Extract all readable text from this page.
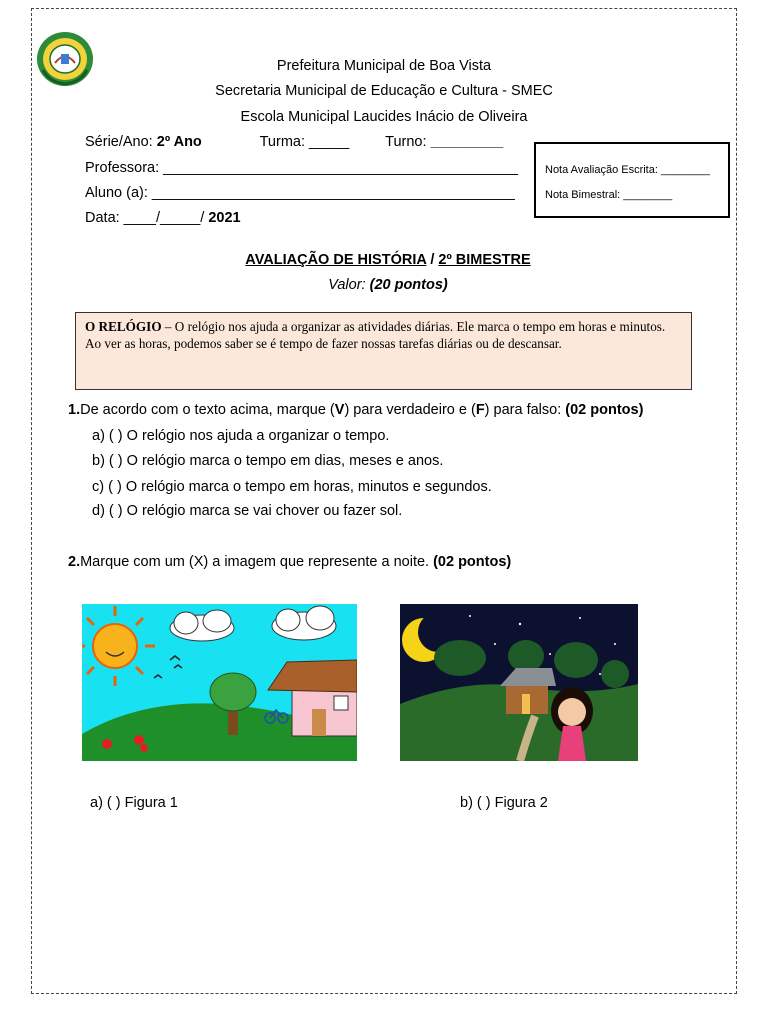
Prefeitura Municipal de Boa Vista
Secretaria Municipal de Educação e Cultura - SMEC
Escola Municipal Laucides Inácio de Oliveira
Série/Ano: 2º Ano	Turma: _____ Turno: _________
Professora: ____________________________________________
Aluno (a): _____________________________________________
Data: ____/_____/ 2021
Nota Avaliação Escrita: ________
Nota Bimestral: ________
AVALIAÇÃO DE HISTÓRIA / 2º BIMESTRE
Valor: (20 pontos)
O RELÓGIO – O relógio nos ajuda a organizar as atividades diárias. Ele marca o tempo em horas e minutos. Ao ver as horas, podemos saber se é tempo de fazer nossas tarefas diárias ou de descansar.
1.De acordo com o texto acima, marque (V) para verdadeiro e (F) para falso: (02 pontos)
a) ( ) O relógio nos ajuda a organizar o tempo.
b) ( ) O relógio marca o tempo em dias, meses e anos.
c) ( ) O relógio marca o tempo em horas, minutos e segundos.
d) ( ) O relógio marca se vai chover ou fazer sol.
2.Marque com um (X) a imagem que represente a noite. (02 pontos)
a) ( ) Figura 1	b) ( ) Figura 2
